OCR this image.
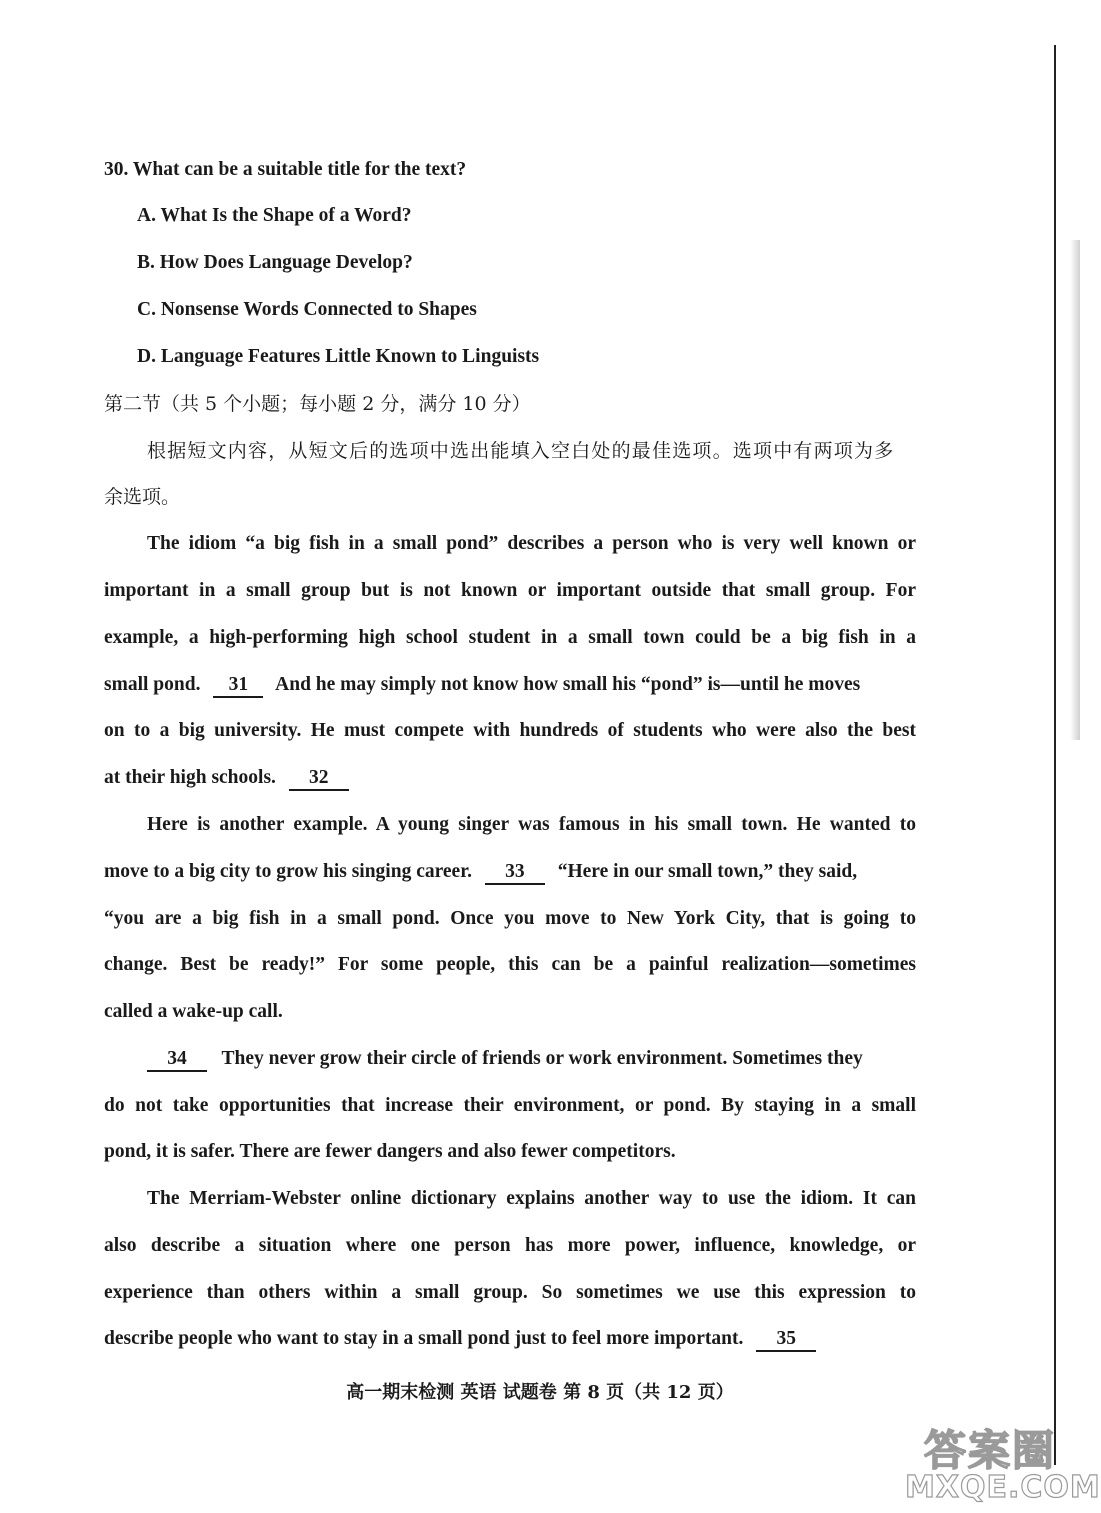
30. What can be a suitable title for the text?
A. What Is the Shape of a Word?
B. How Does Language Develop?
C. Nonsense Words Connected to Shapes
D. Language Features Little Known to Linguists
第二节（共 5 个小题；每小题 2 分，满分 10 分）
根据短文内容，从短文后的选项中选出能填入空白处的最佳选项。选项中有两项为多
余选项。
The idiom “a big fish in a small pond” describes a person who is very well known or
important in a small group but is not known or important outside that small group. For
example, a high-performing high school student in a small town could be a big fish in a
small pond. 31 And he may simply not know how small his “pond” is—until he moves
on to a big university. He must compete with hundreds of students who were also the best
at their high schools. 32
Here is another example. A young singer was famous in his small town. He wanted to
move to a big city to grow his singing career. 33 “Here in our small town,” they said,
“you are a big fish in a small pond. Once you move to New York City, that is going to
change. Best be ready!” For some people, this can be a painful realization—sometimes
called a wake-up call.
34 They never grow their circle of friends or work environment. Sometimes they
do not take opportunities that increase their environment, or pond. By staying in a small
pond, it is safer. There are fewer dangers and also fewer competitors.
The Merriam-Webster online dictionary explains another way to use the idiom. It can
also describe a situation where one person has more power, influence, knowledge, or
experience than others within a small group. So sometimes we use this expression to
describe people who want to stay in a small pond just to feel more important. 35
高一期末检测 英语 试题卷 第 8 页（共 12 页）
答案圈
MXQE.COM
